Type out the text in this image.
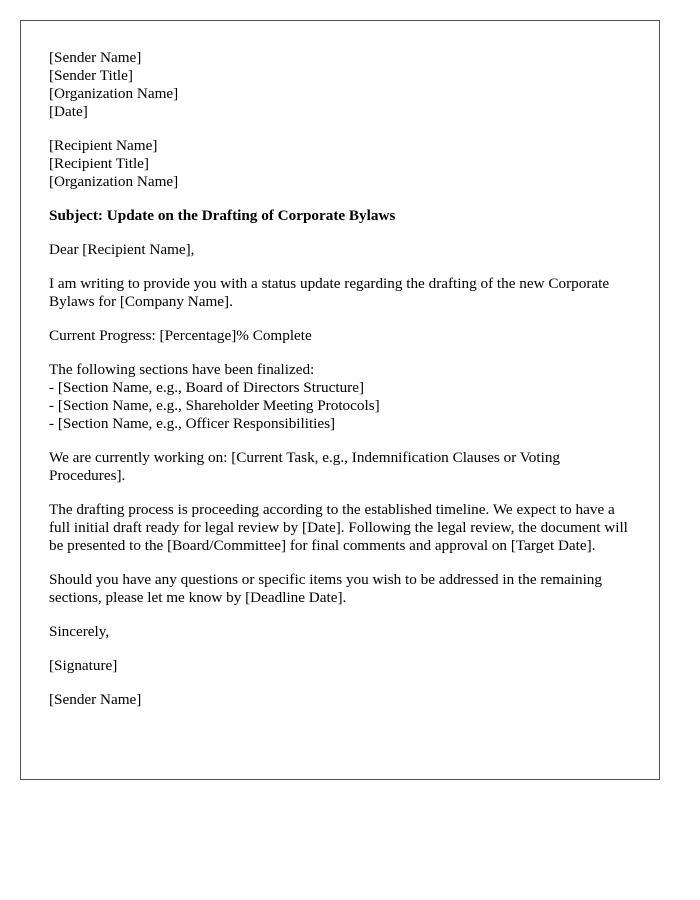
[Sender Name]
[Sender Title]
[Organization Name]
[Date]
[Recipient Name]
[Recipient Title]
[Organization Name]

Subject: Update on the Drafting of Corporate Bylaws

Dear [Recipient Name],

I am writing to provide you with a status update regarding the drafting of the new Corporate Bylaws for [Company Name].

Current Progress: [Percentage]% Complete

The following sections have been finalized:
- [Section Name, e.g., Board of Directors Structure]
- [Section Name, e.g., Shareholder Meeting Protocols]
- [Section Name, e.g., Officer Responsibilities]

We are currently working on: [Current Task, e.g., Indemnification Clauses or Voting Procedures].

The drafting process is proceeding according to the established timeline. We expect to have a full initial draft ready for legal review by [Date]. Following the legal review, the document will be presented to the [Board/Committee] for final comments and approval on [Target Date].

Should you have any questions or specific items you wish to be addressed in the remaining sections, please let me know by [Deadline Date].

Sincerely,

[Signature]

[Sender Name]
